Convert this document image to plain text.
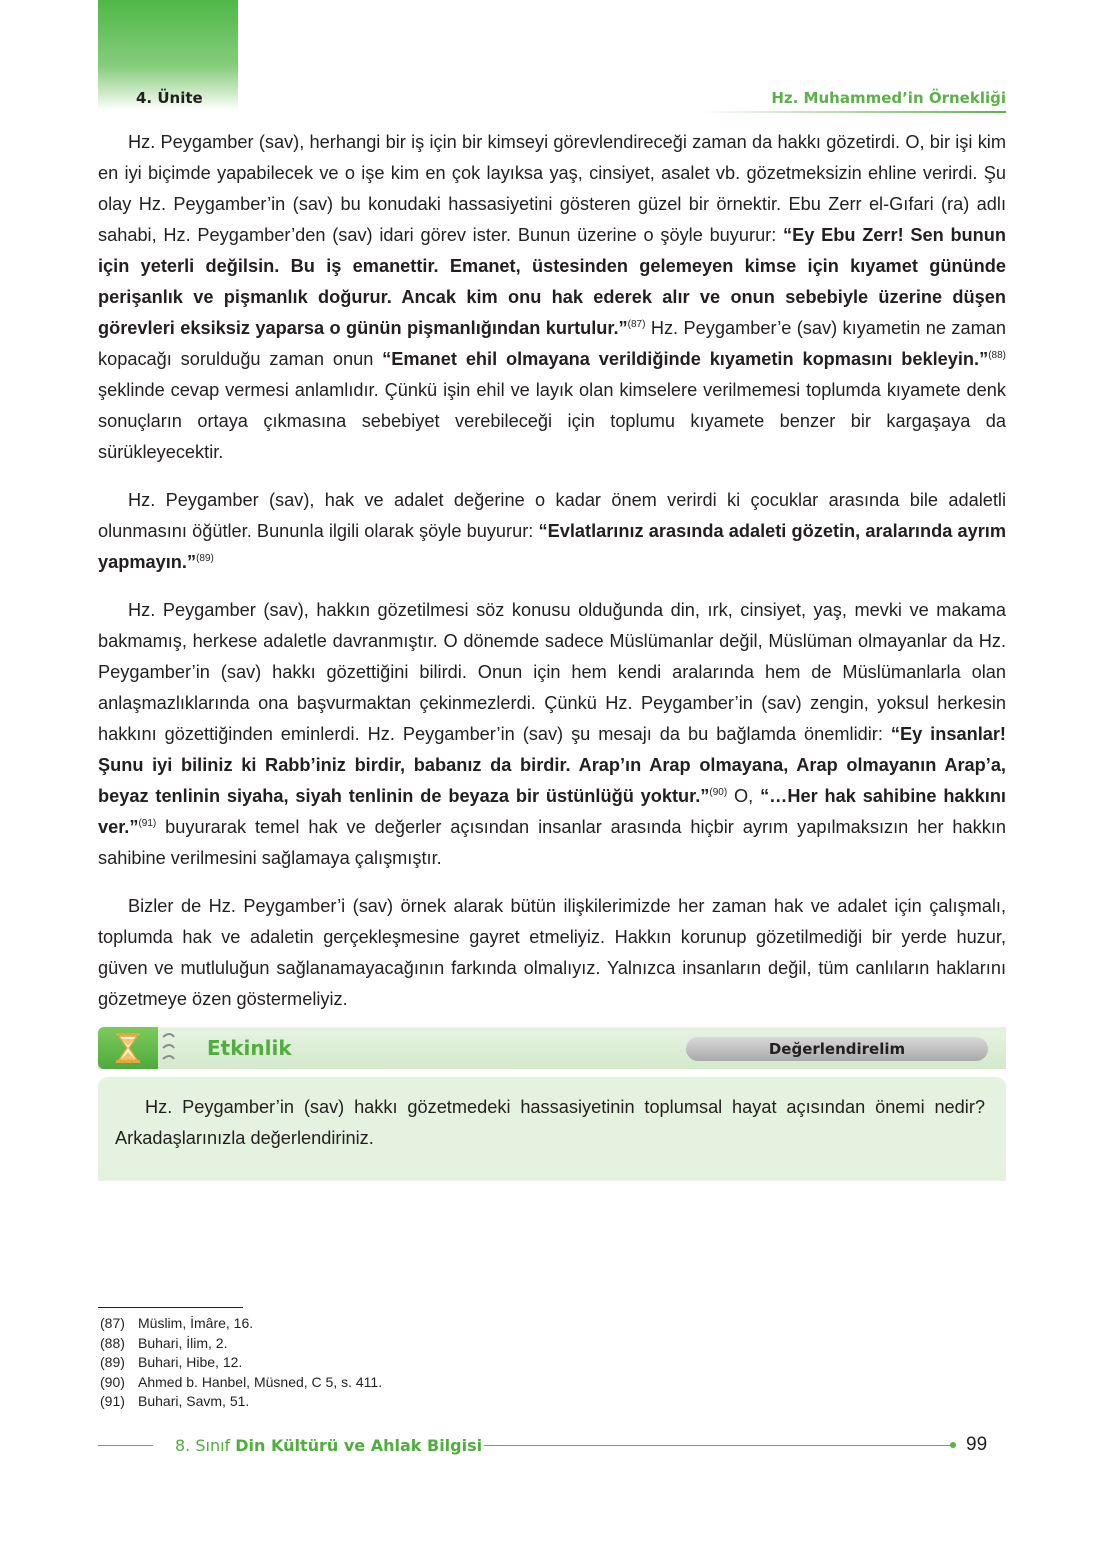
4. Ünite	Hz. Muhammed’in Örnekliği

Hz. Peygamber (sav), herhangi bir iş için bir kimseyi görevlendireceği zaman da hakkı gözetirdi. O, bir işi kim en iyi biçimde yapabilecek ve o işe kim en çok layıksa yaş, cinsiyet, asalet vb. gözetmeksizin ehline verirdi. Şu olay Hz. Peygamber’in (sav) bu konudaki hassasiyetini gösteren güzel bir örnektir. Ebu Zerr el-Gıfari (ra) adlı sahabi, Hz. Peygamber’den (sav) idari görev ister. Bunun üzerine o şöyle buyurur: “Ey Ebu Zerr! Sen bunun için yeterli değilsin. Bu iş emanettir. Emanet, üstesinden gelemeyen kimse için kıyamet gününde perişanlık ve pişmanlık doğurur. Ancak kim onu hak ederek alır ve onun sebebiyle üzerine düşen görevleri eksiksiz yaparsa o günün pişmanlığından kurtulur.”$^{(87)}$ Hz. Peygamber’e (sav) kıyametin ne zaman kopacağı sorulduğu zaman onun “Emanet ehil olmayana verildiğinde kıyametin kopmasını bekleyin.”$^{(88)}$ şeklinde cevap vermesi anlamlıdır. Çünkü işin ehil ve layık olan kimselere verilmemesi toplumda kıyamete denk sonuçların ortaya çıkmasına sebebiyet verebileceği için toplumu kıyamete benzer bir kargaşaya da sürükleyecektir.

Hz. Peygamber (sav), hak ve adalet değerine o kadar önem verirdi ki çocuklar arasında bile adaletli olunmasını öğütler. Bununla ilgili olarak şöyle buyurur: “Evlatlarınız arasında adaleti gözetin, aralarında ayrım yapmayın.”$^{(89)}$

Hz. Peygamber (sav), hakkın gözetilmesi söz konusu olduğunda din, ırk, cinsiyet, yaş, mevki ve makama bakmamış, herkese adaletle davranmıştır. O dönemde sadece Müslümanlar değil, Müslüman olmayanlar da Hz. Peygamber’in (sav) hakkı gözettiğini bilirdi. Onun için hem kendi aralarında hem de Müslümanlarla olan anlaşmazlıklarında ona başvurmaktan çekinmezlerdi. Çünkü Hz. Peygamber’in (sav) zengin, yoksul herkesin hakkını gözettiğinden eminlerdi. Hz. Peygamber’in (sav) şu mesajı da bu bağlamda önemlidir: “Ey insanlar! Şunu iyi biliniz ki Rabb’iniz birdir, babanız da birdir. Arap’ın Arap olmayana, Arap olmayanın Arap’a, beyaz tenlinin siyaha, siyah tenlinin de beyaza bir üstünlüğü yoktur.”$^{(90)}$ O, “…Her hak sahibine hakkını ver.”$^{(91)}$ buyurarak temel hak ve değerler açısından insanlar arasında hiçbir ayrım yapılmaksızın her hakkın sahibine verilmesini sağlamaya çalışmıştır.

Bizler de Hz. Peygamber’i (sav) örnek alarak bütün ilişkilerimizde her zaman hak ve adalet için çalışmalı, toplumda hak ve adaletin gerçekleşmesine gayret etmeliyiz. Hakkın korunup gözetilmediği bir yerde huzur, güven ve mutluluğun sağlanamayacağının farkında olmalıyız. Yalnızca insanların değil, tüm canlıların haklarını gözetmeye özen göstermeliyiz.

Etkinlik	Değerlendirelim
Hz. Peygamber’in (sav) hakkı gözetmedeki hassasiyetinin toplumsal hayat açısından önemi nedir? Arkadaşlarınızla değerlendiriniz.
(87) Müslim, İmâre, 16.
(88) Buhari, İlim, 2.
(89) Buhari, Hibe, 12.
(90) Ahmed b. Hanbel, Müsned, C 5, s. 411.
(91) Buhari, Savm, 51.
8. Sınıf Din Kültürü ve Ahlak Bilgisi	99
